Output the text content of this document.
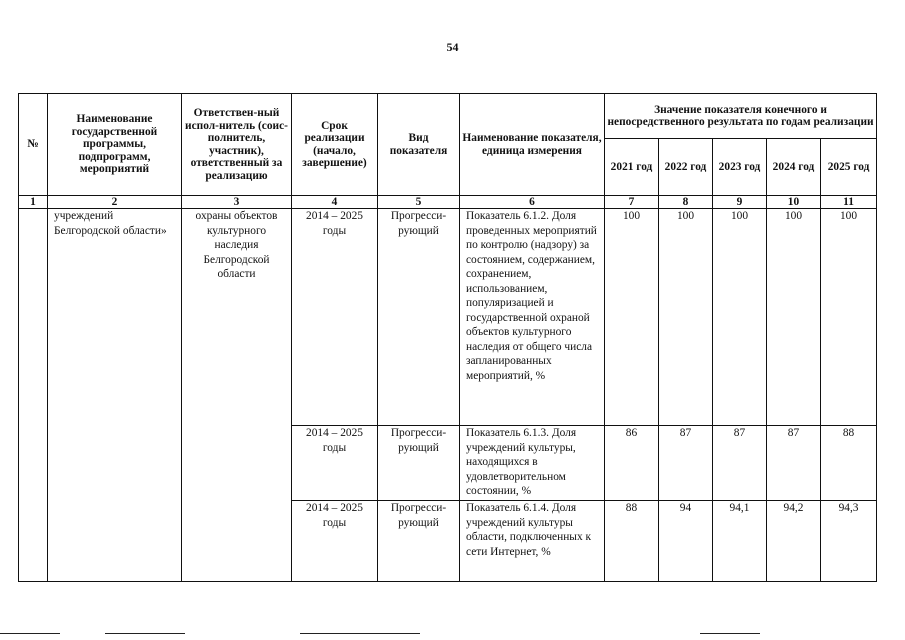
54
№	Наименование государственной программы, подпрограмм, мероприятий	Ответствен-ный испол-нитель (соис-полнитель, участник), ответственный за реализацию	Срок реализации (начало, завершение)	Вид показателя	Наименование показателя, единица измерения	Значение показателя конечного и непосредственного результата по годам реализации				
						2021 год	2022 год	2023 год	2024 год	2025 год
1	2	3	4	5	6	7	8	9	10	11
	учреждений Белгородской области»	охраны объектов культурного наследия Белгородской области	2014 – 2025 годы	Прогресси-рующий	Показатель 6.1.2. Доля проведенных мероприятий по контролю (надзору) за состоянием, содержанием, сохранением, использованием, популяризацией и государственной охраной объектов культурного наследия от общего числа запланированных мероприятий, %	100	100	100	100	100
			2014 – 2025 годы	Прогресси-рующий	Показатель 6.1.3. Доля учреждений культуры, находящихся в удовлетворительном состоянии, %	86	87	87	87	88
			2014 – 2025 годы	Прогресси-рующий	Показатель 6.1.4. Доля учреждений культуры области, подключенных к сети Интернет, %	88	94	94,1	94,2	94,3
